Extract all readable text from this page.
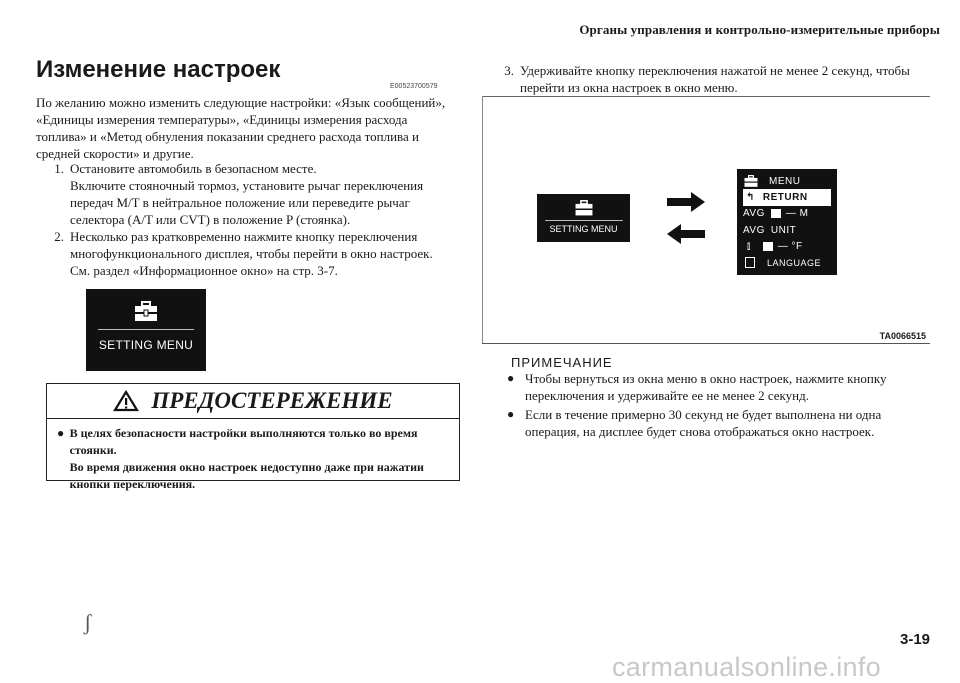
Органы управления и контрольно-измерительные приборы
Изменение настроек
E00523700579
По желанию можно изменить следующие настройки: «Язык сообщений», «Единицы измерения температуры», «Единицы измерения расхода топлива» и «Метод обнуления показании среднего расхода топлива и средней скорости» и другие.
1. Остановите автомобиль в безопасном месте.
Включите стояночный тормоз, установите рычаг переключения передач M/T в нейтральное положение или переведите рычаг селектора (A/T или CVT) в положение P (стоянка).
2. Несколько раз кратковременно нажмите кнопку переключения многофункционального дисплея, чтобы перейти в окно настроек.
См. раздел «Информационное окно» на стр. 3-7.
SETTING MENU
ПРЕДОСТЕРЕЖЕНИЕ
● В целях безопасности настройки выполняются только во время стоянки.
Во время движения окно настроек недоступно даже при нажатии кнопки переключения.
ʃ
3. Удерживайте кнопку переключения нажатой не менее 2 секунд, чтобы перейти из окна настроек в окно меню.
SETTING MENU
MENU
↰ RETURN
AVG — M
AVG UNIT
⫾	— °F
LANGUAGE
TA0066515
ПРИМЕЧАНИЕ
● Чтобы вернуться из окна меню в окно настроек, нажмите кнопку переключения и удерживайте ее не менее 2 секунд.
● Если в течение примерно 30 секунд не будет выполнена ни одна операция, на дисплее будет снова отображаться окно настроек.
3-19
carmanualsonline.info
